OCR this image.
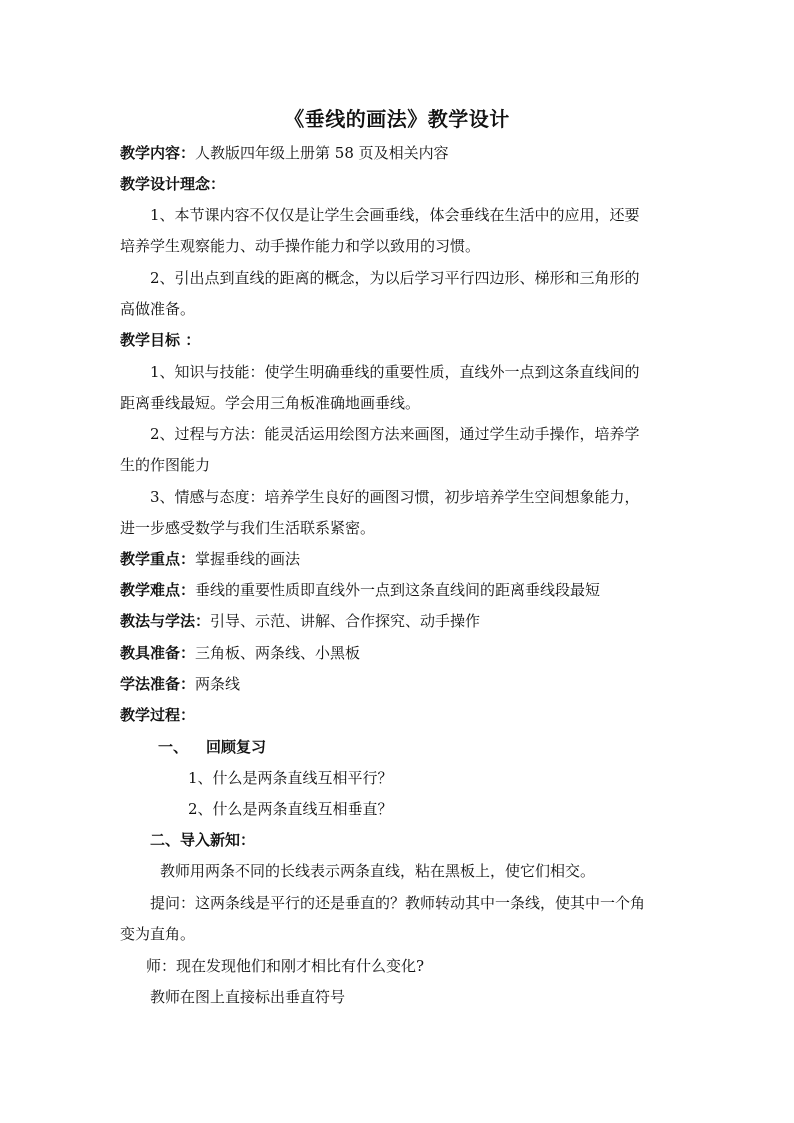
《垂线的画法》教学设计
教学内容：人教版四年级上册第 58 页及相关内容
教学设计理念：
1、本节课内容不仅仅是让学生会画垂线，体会垂线在生活中的应用，还要
培养学生观察能力、动手操作能力和学以致用的习惯。
2、引出点到直线的距离的概念，为以后学习平行四边形、梯形和三角形的
高做准备。
教学目标 ：
1、知识与技能：使学生明确垂线的重要性质，直线外一点到这条直线间的
距离垂线最短。学会用三角板准确地画垂线。
2、过程与方法：能灵活运用绘图方法来画图，通过学生动手操作，培养学
生的作图能力
3、情感与态度：培养学生良好的画图习惯，初步培养学生空间想象能力，
进一步感受数学与我们生活联系紧密。
教学重点：掌握垂线的画法
教学难点：垂线的重要性质即直线外一点到这条直线间的距离垂线段最短
教法与学法：引导、示范、讲解、合作探究、动手操作
教具准备：三角板、两条线、小黑板
学法准备：两条线
教学过程：
一、 回顾复习
1、什么是两条直线互相平行？
2、什么是两条直线互相垂直？
二、导入新知：
教师用两条不同的长线表示两条直线，粘在黑板上，使它们相交。
提问：这两条线是平行的还是垂直的？教师转动其中一条线，使其中一个角
变为直角。
师：现在发现他们和刚才相比有什么变化?
教师在图上直接标出垂直符号
